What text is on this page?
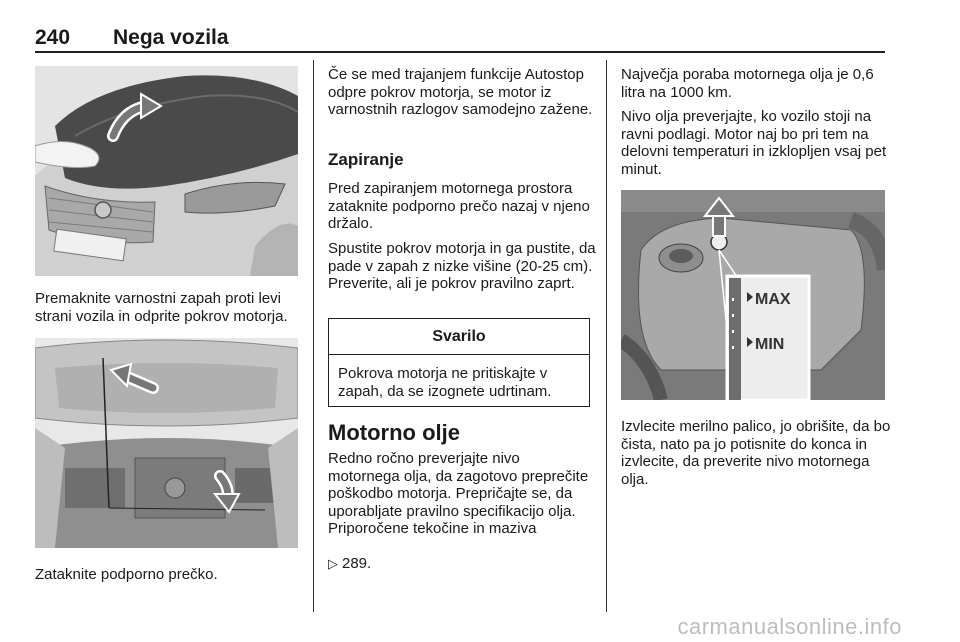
240 Nega vozila

Premaknite varnostni zapah proti levi strani vozila in odprite pokrov motorja.

Zataknite podporno prečko.

Če se med trajanjem funkcije Autostop odpre pokrov motorja, se motor iz varnostnih razlogov samodejno zažene.

Zapiranje

Pred zapiranjem motornega prostora zataknite podporno prečo nazaj v njeno držalo.

Spustite pokrov motorja in ga pustite, da pade v zapah z nizke višine (20-25 cm). Preverite, ali je pokrov pravilno zaprt.

Svarilo

Pokrova motorja ne pritiskajte v zapah, da se izognete udrtinam.

Motorno olje

Redno ročno preverjajte nivo motornega olja, da zagotovo preprečite poškodbo motorja. Prepričajte se, da uporabljate pravilno specifikacijo olja. Priporočene tekočine in maziva

▷ 289.

Največja poraba motornega olja je 0,6 litra na 1000 km.

Nivo olja preverjajte, ko vozilo stoji na ravni podlagi. Motor naj bo pri tem na delovni temperaturi in izklopljen vsaj pet minut.

MAX
MIN

Izvlecite merilno palico, jo obrišite, da bo čista, nato pa jo potisnite do konca in izvlecite, da preverite nivo motornega olja.

carmanualsonline.info
